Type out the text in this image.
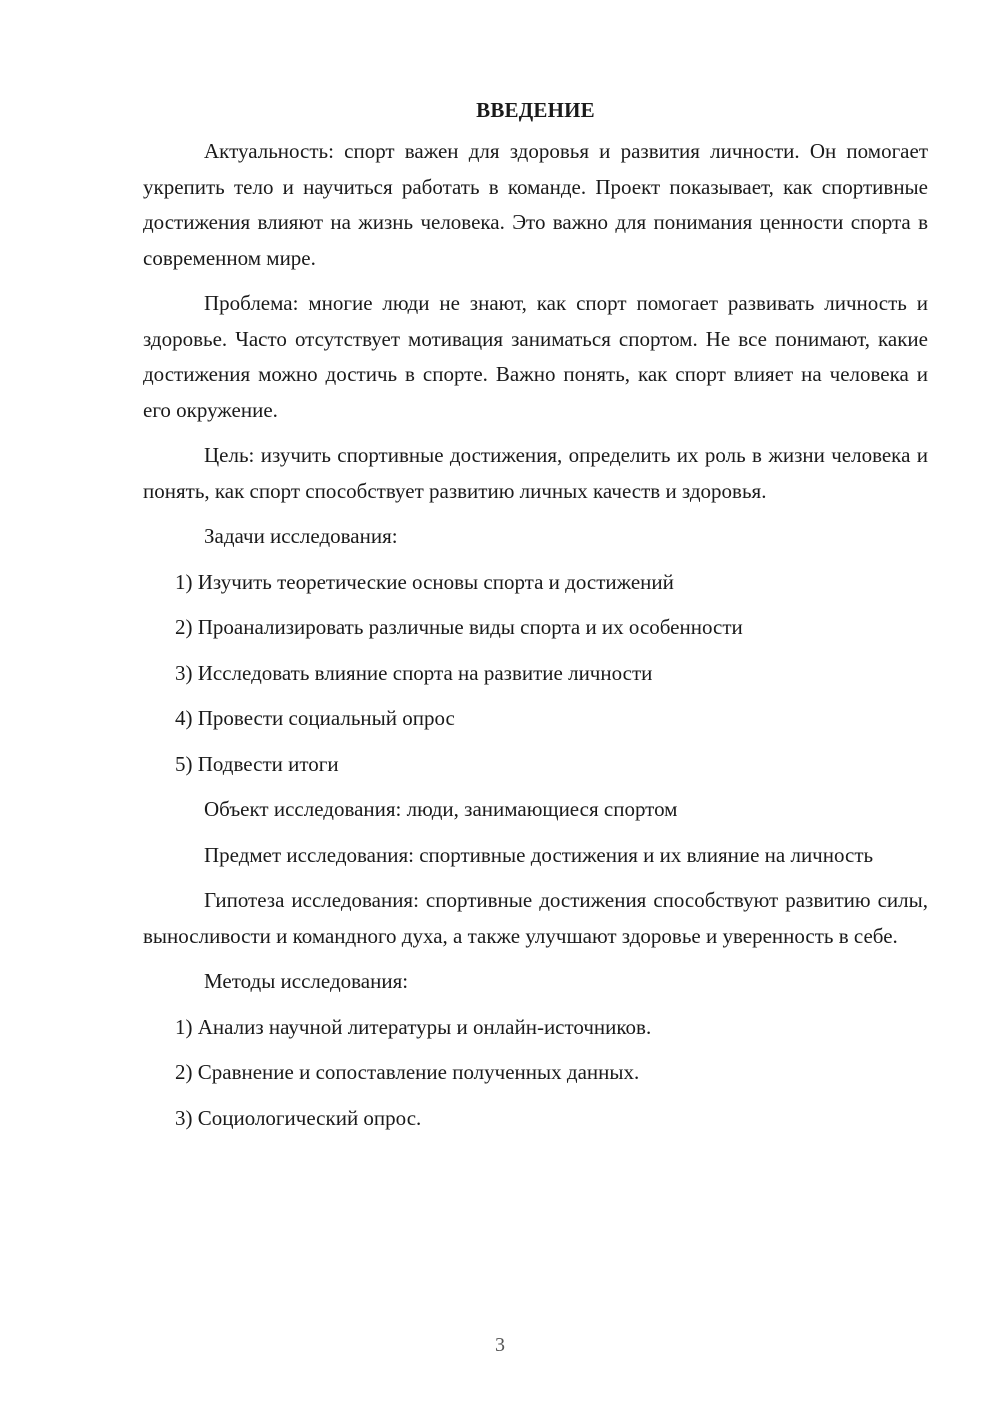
ВВЕДЕНИЕ

Актуальность: спорт важен для здоровья и развития личности. Он помогает укрепить тело и научиться работать в команде. Проект показывает, как спортивные достижения влияют на жизнь человека. Это важно для понимания ценности спорта в современном мире.

Проблема: многие люди не знают, как спорт помогает развивать личность и здоровье. Часто отсутствует мотивация заниматься спортом. Не все понимают, какие достижения можно достичь в спорте. Важно понять, как спорт влияет на человека и его окружение.

Цель: изучить спортивные достижения, определить их роль в жизни человека и понять, как спорт способствует развитию личных качеств и здоровья.

Задачи исследования:
1) Изучить теоретические основы спорта и достижений
2) Проанализировать различные виды спорта и их особенности
3) Исследовать влияние спорта на развитие личности
4) Провести социальный опрос
5) Подвести итоги

Объект исследования: люди, занимающиеся спортом

Предмет исследования: спортивные достижения и их влияние на личность

Гипотеза исследования: спортивные достижения способствуют развитию силы, выносливости и командного духа, а также улучшают здоровье и уверенность в себе.

Методы исследования:
1) Анализ научной литературы и онлайн-источников.
2) Сравнение и сопоставление полученных данных.
3) Социологический опрос.
3
